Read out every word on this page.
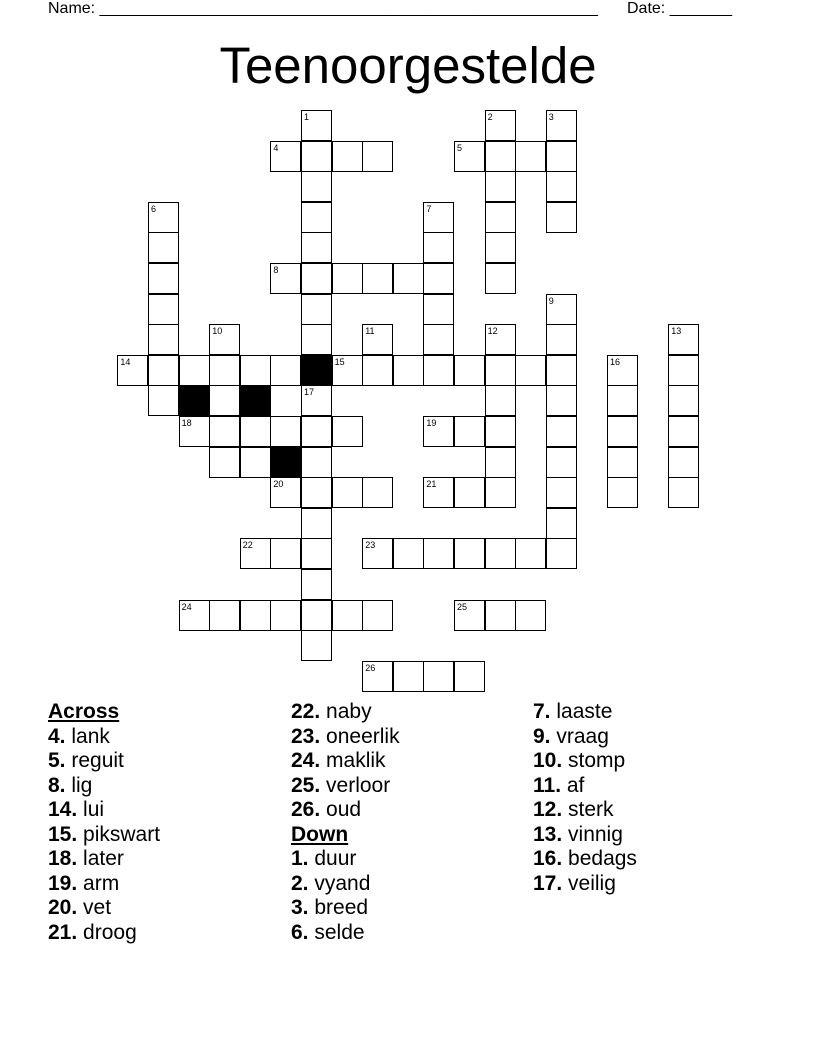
Name: ________________________________________________________ Date: _______
Teenoorgestelde
1	2	3
4	5
6	7
8
9
10	11	12	13
14	15	16
17
18	19
20	21
22	23
24	25
26
Across
4. lank
5. reguit
8. lig
14. lui
15. pikswart
18. later
19. arm
20. vet
21. droog
22. naby
23. oneerlik
24. maklik
25. verloor
26. oud
Down
1. duur
2. vyand
3. breed
6. selde
7. laaste
9. vraag
10. stomp
11. af
12. sterk
13. vinnig
16. bedags
17. veilig
